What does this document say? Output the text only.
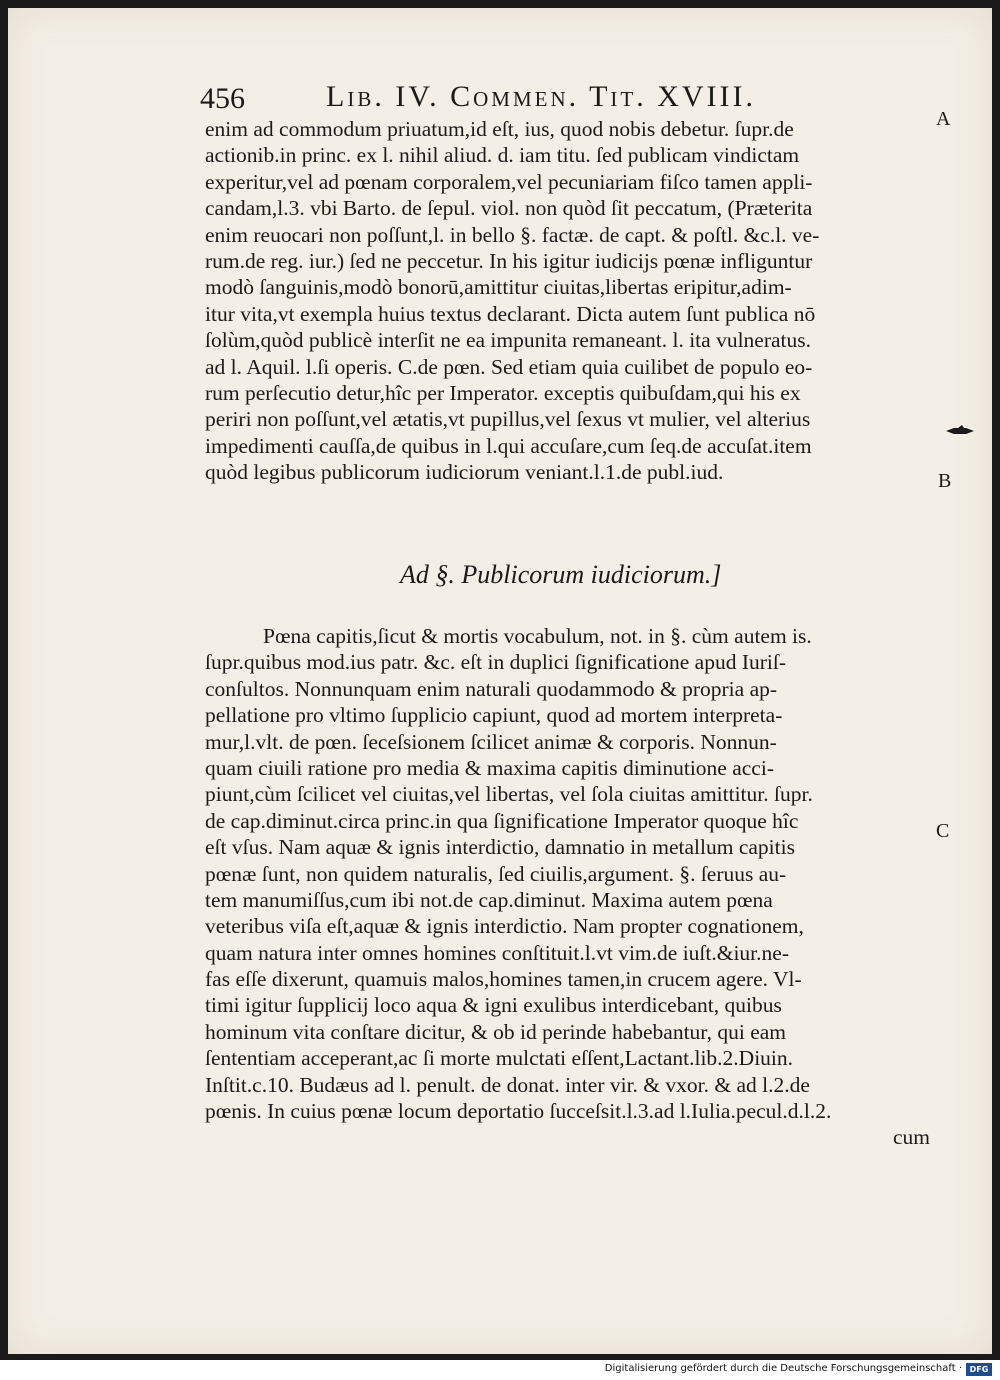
456	Lib. IV. Commen. Tit. XVIII.
enim ad commodum priuatum,id eſt, ius, quod nobis debetur. ſupr.de
actionib.in princ. ex l. nihil aliud. d. iam titu. ſed publicam vindictam
experitur,vel ad pœnam corporalem,vel pecuniariam fiſco tamen appli-
candam,l.3. vbi Barto. de ſepul. viol. non quòd ſit peccatum, (Præterita
enim reuocari non poſſunt,l. in bello §. factæ. de capt. & poſtl. &c.l. ve-
rum.de reg. iur.) ſed ne peccetur. In his igitur iudicijs pœnæ infliguntur
modò ſanguinis,modò bonorū,amittitur ciuitas,libertas eripitur,adim-
itur vita,vt exempla huius textus declarant. Dicta autem ſunt publica nō
ſolùm,quòd publicè interſit ne ea impunita remaneant. l. ita vulneratus.
ad l. Aquil. l.ſi operis. C.de pœn. Sed etiam quia cuilibet de populo eo-
rum perſecutio detur,hîc per Imperator. exceptis quibuſdam,qui his ex
periri non poſſunt,vel ætatis,vt pupillus,vel ſexus vt mulier, vel alterius
impedimenti cauſſa,de quibus in l.qui accuſare,cum ſeq.de accuſat.item
quòd legibus publicorum iudiciorum veniant.l.1.de publ.iud.
Ad §. Publicorum iudiciorum.]
Pœna capitis,ſicut & mortis vocabulum, not. in §. cùm autem is.
ſupr.quibus mod.ius patr. &c. eſt in duplici ſignificatione apud Iuriſ-
conſultos. Nonnunquam enim naturali quodammodo & propria ap-
pellatione pro vltimo ſupplicio capiunt, quod ad mortem interpreta-
mur,l.vlt. de pœn. ſeceſsionem ſcilicet animæ & corporis. Nonnun-
quam ciuili ratione pro media & maxima capitis diminutione acci-
piunt,cùm ſcilicet vel ciuitas,vel libertas, vel ſola ciuitas amittitur. ſupr.
de cap.diminut.circa princ.in qua ſignificatione Imperator quoque hîc
eſt vſus. Nam aquæ & ignis interdictio, damnatio in metallum capitis
pœnæ ſunt, non quidem naturalis, ſed ciuilis,argument. §. ſeruus au-
tem manumiſſus,cum ibi not.de cap.diminut. Maxima autem pœna
veteribus viſa eſt,aquæ & ignis interdictio. Nam propter cognationem,
quam natura inter omnes homines conſtituit.l.vt vim.de iuſt.&iur.ne-
fas eſſe dixerunt, quamuis malos,homines tamen,in crucem agere. Vl-
timi igitur ſupplicij loco aqua & igni exulibus interdicebant, quibus
hominum vita conſtare dicitur, & ob id perinde habebantur, qui eam
ſententiam acceperant,ac ſi morte mulctati eſſent,Lactant.lib.2.Diuin.
Inſtit.c.10. Budæus ad l. penult. de donat. inter vir. & vxor. & ad l.2.de
pœnis. In cuius pœnæ locum deportatio ſucceſsit.l.3.ad l.Iulia.pecul.d.l.2.
cum
A
B
C
Digitalisierung gefördert durch die Deutsche Forschungsgemeinschaft · DFG
